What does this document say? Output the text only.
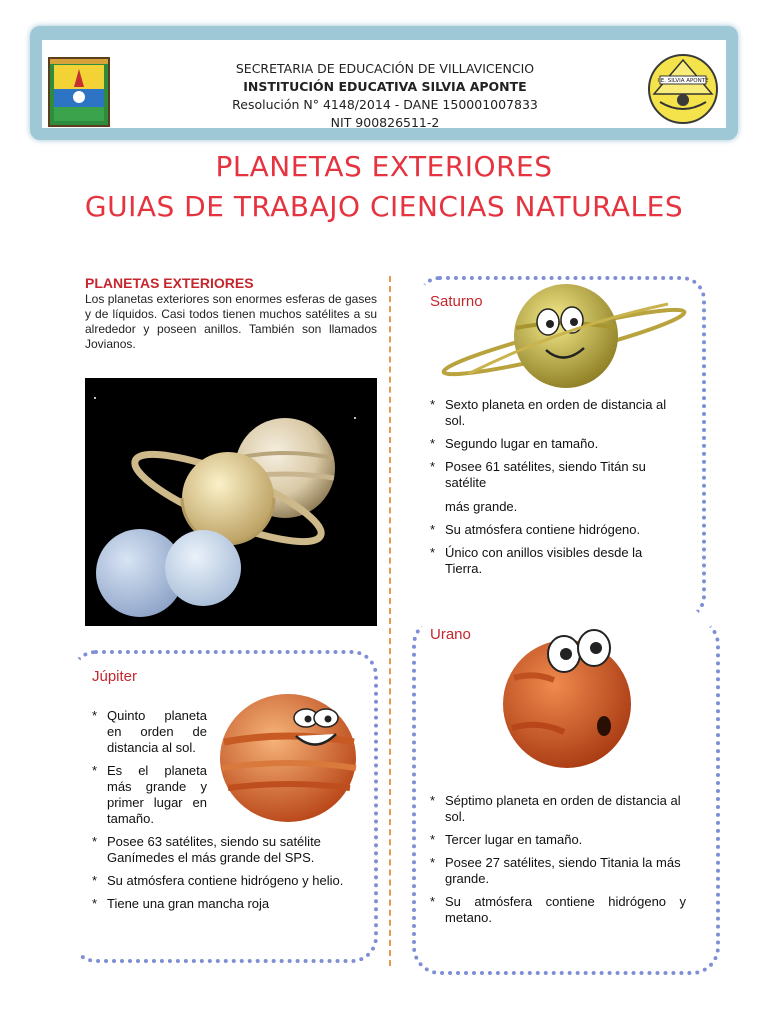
SECRETARIA DE EDUCACIÓN DE VILLAVICENCIO
INSTITUCIÓN EDUCATIVA SILVIA APONTE
Resolución N° 4148/2014 - DANE 150001007833
NIT 900826511-2
I.E. SILVIA APONTE
PLANETAS EXTERIORES
GUIAS DE TRABAJO CIENCIAS NATURALES
PLANETAS EXTERIORES
Los planetas exteriores son enormes esferas de gases y de líquidos. Casi todos tienen muchos satélites a su alrededor y poseen anillos. También son llamados Jovianos.
Júpiter
* Quinto planeta en orden de distancia al sol.
* Es el planeta más grande y primer lugar en tamaño.
* Posee 63 satélites, siendo su satélite Ganímedes el más grande del SPS.
* Su atmósfera contiene hidrógeno y helio.
* Tiene una gran mancha roja
Saturno
* Sexto planeta en orden de distancia al sol.
* Segundo lugar en tamaño.
* Posee 61 satélites, siendo Titán su satélite
más grande.
* Su atmósfera contiene hidrógeno.
* Único con anillos visibles desde la Tierra.
Urano
* Séptimo planeta en orden de distancia al sol.
* Tercer lugar en tamaño.
* Posee 27 satélites, siendo Titania la más grande.
* Su atmósfera contiene hidrógeno y metano.
